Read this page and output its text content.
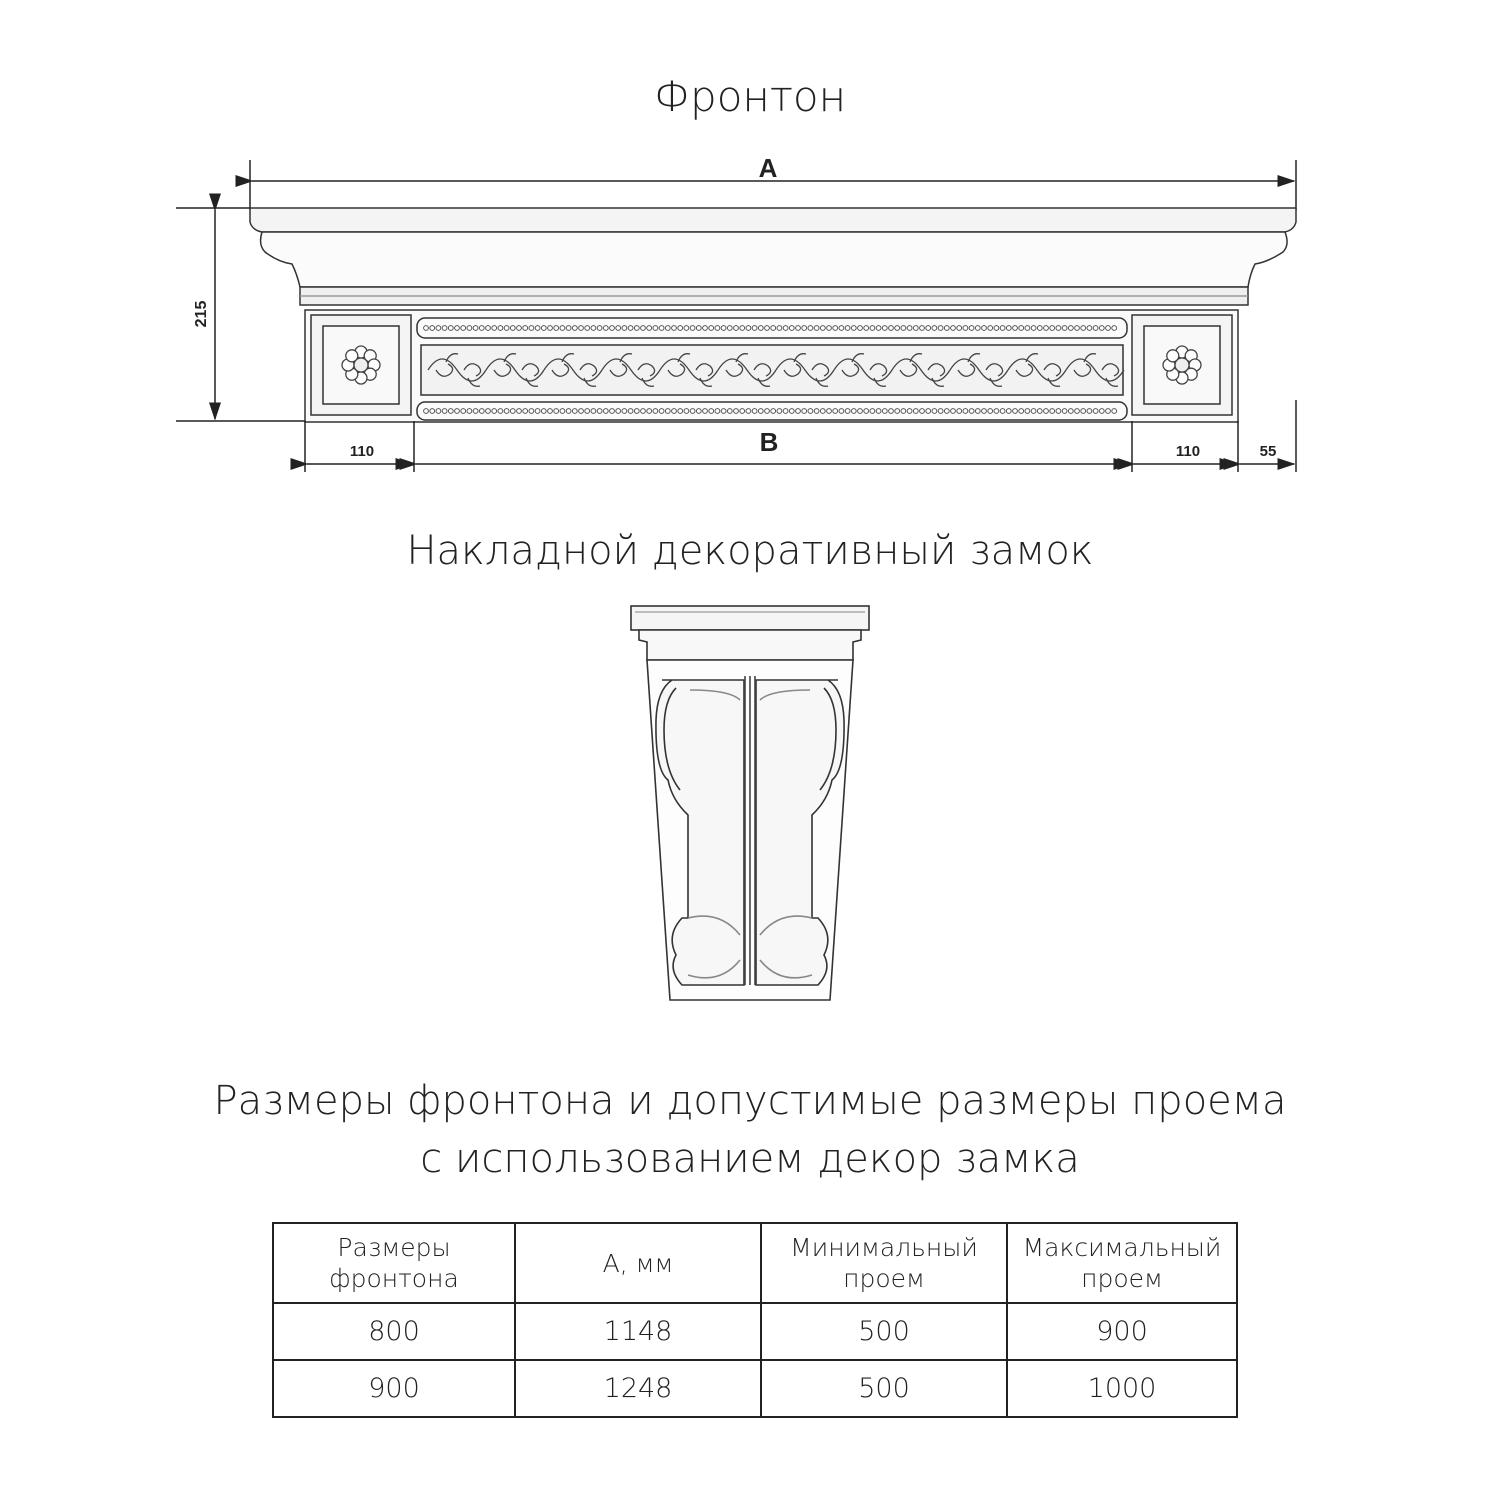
Фронтон
Накладной декоративный замок
Размеры фронтона и допустимые размеры проема
с использованием декор замка
A
215
110	B	110	55
Размеры фронтона	A, мм	Минимальный проем	Максимальный проем
800	1148	500	900
900	1248	500	1000
